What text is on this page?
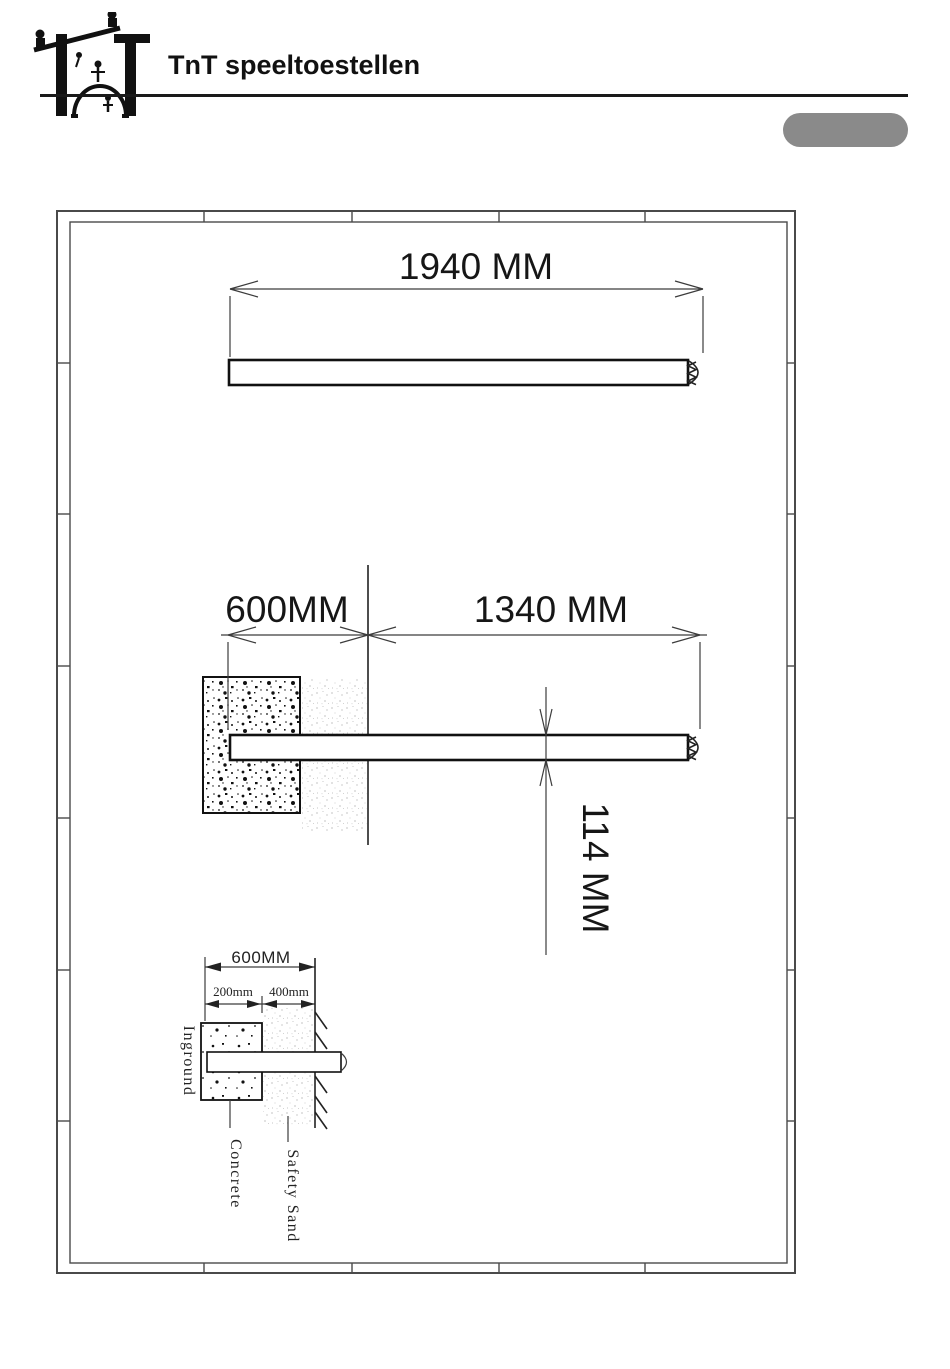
TnT speeltoestellen
1940 MM
600MM	1340 MM
114 MM
600MM
200mm 400mm
Inground
Concrete	Safety Sand
